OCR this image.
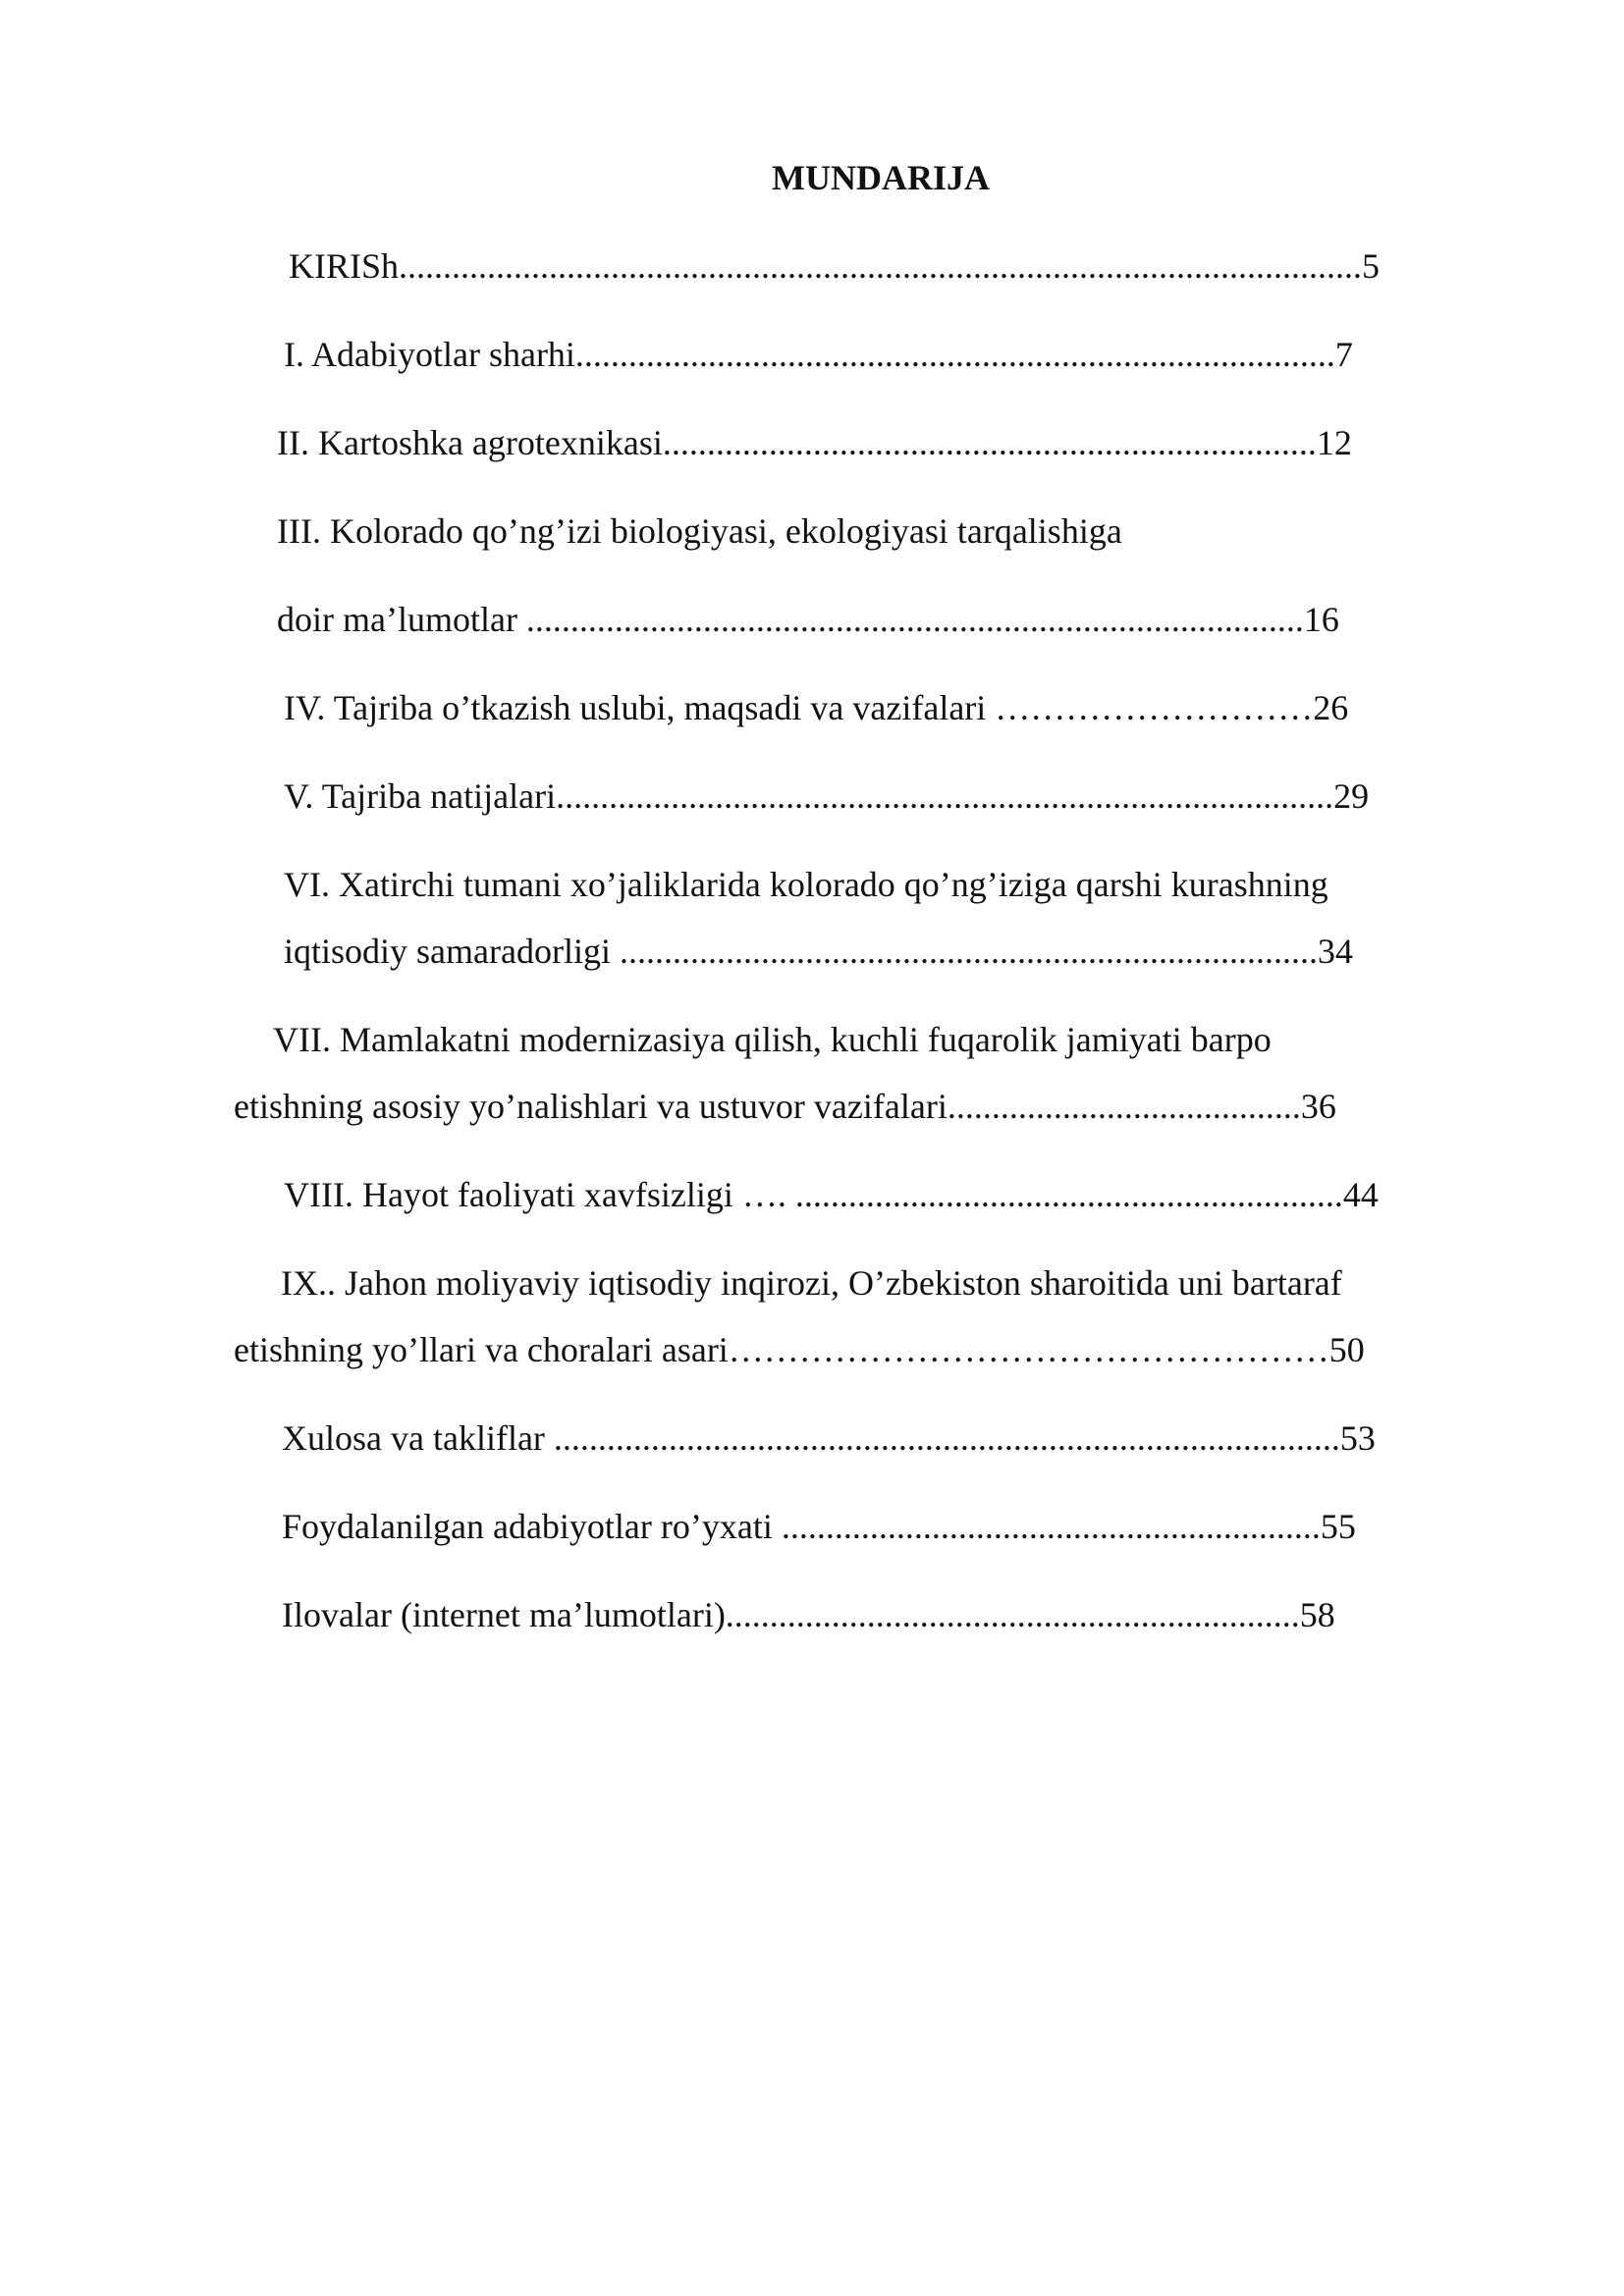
MUNDARIJA
KIRISh.............................................................................................................5
I. Adabiyotlar sharhi......................................................................................7
II. Kartoshka agrotexnikasi..........................................................................12
III. Kolorado qo’ng’izi biologiyasi, ekologiyasi tarqalishiga
doir ma’lumotlar ........................................................................................16
IV. Tajriba o’tkazish uslubi, maqsadi va vazifalari ………………………26
V. Tajriba natijalari........................................................................................29
VI. Xatirchi tumani xo’jaliklarida kolorado qo’ng’iziga qarshi kurashning
iqtisodiy samaradorligi ...............................................................................34
VII. Mamlakatni modernizasiya qilish, kuchli fuqarolik jamiyati barpo
etishning asosiy yo’nalishlari va ustuvor vazifalari........................................36
VIII. Hayot faoliyati xavfsizligi …. ..............................................................44
IX.. Jahon moliyaviy iqtisodiy inqirozi, O’zbekiston sharoitida uni bartaraf
etishning yo’llari va choralari asari……………………………………………50
Xulosa va takliflar .........................................................................................53
Foydalanilgan adabiyotlar ro’yxati .............................................................55
Ilovalar (internet ma’lumotlari).................................................................58
